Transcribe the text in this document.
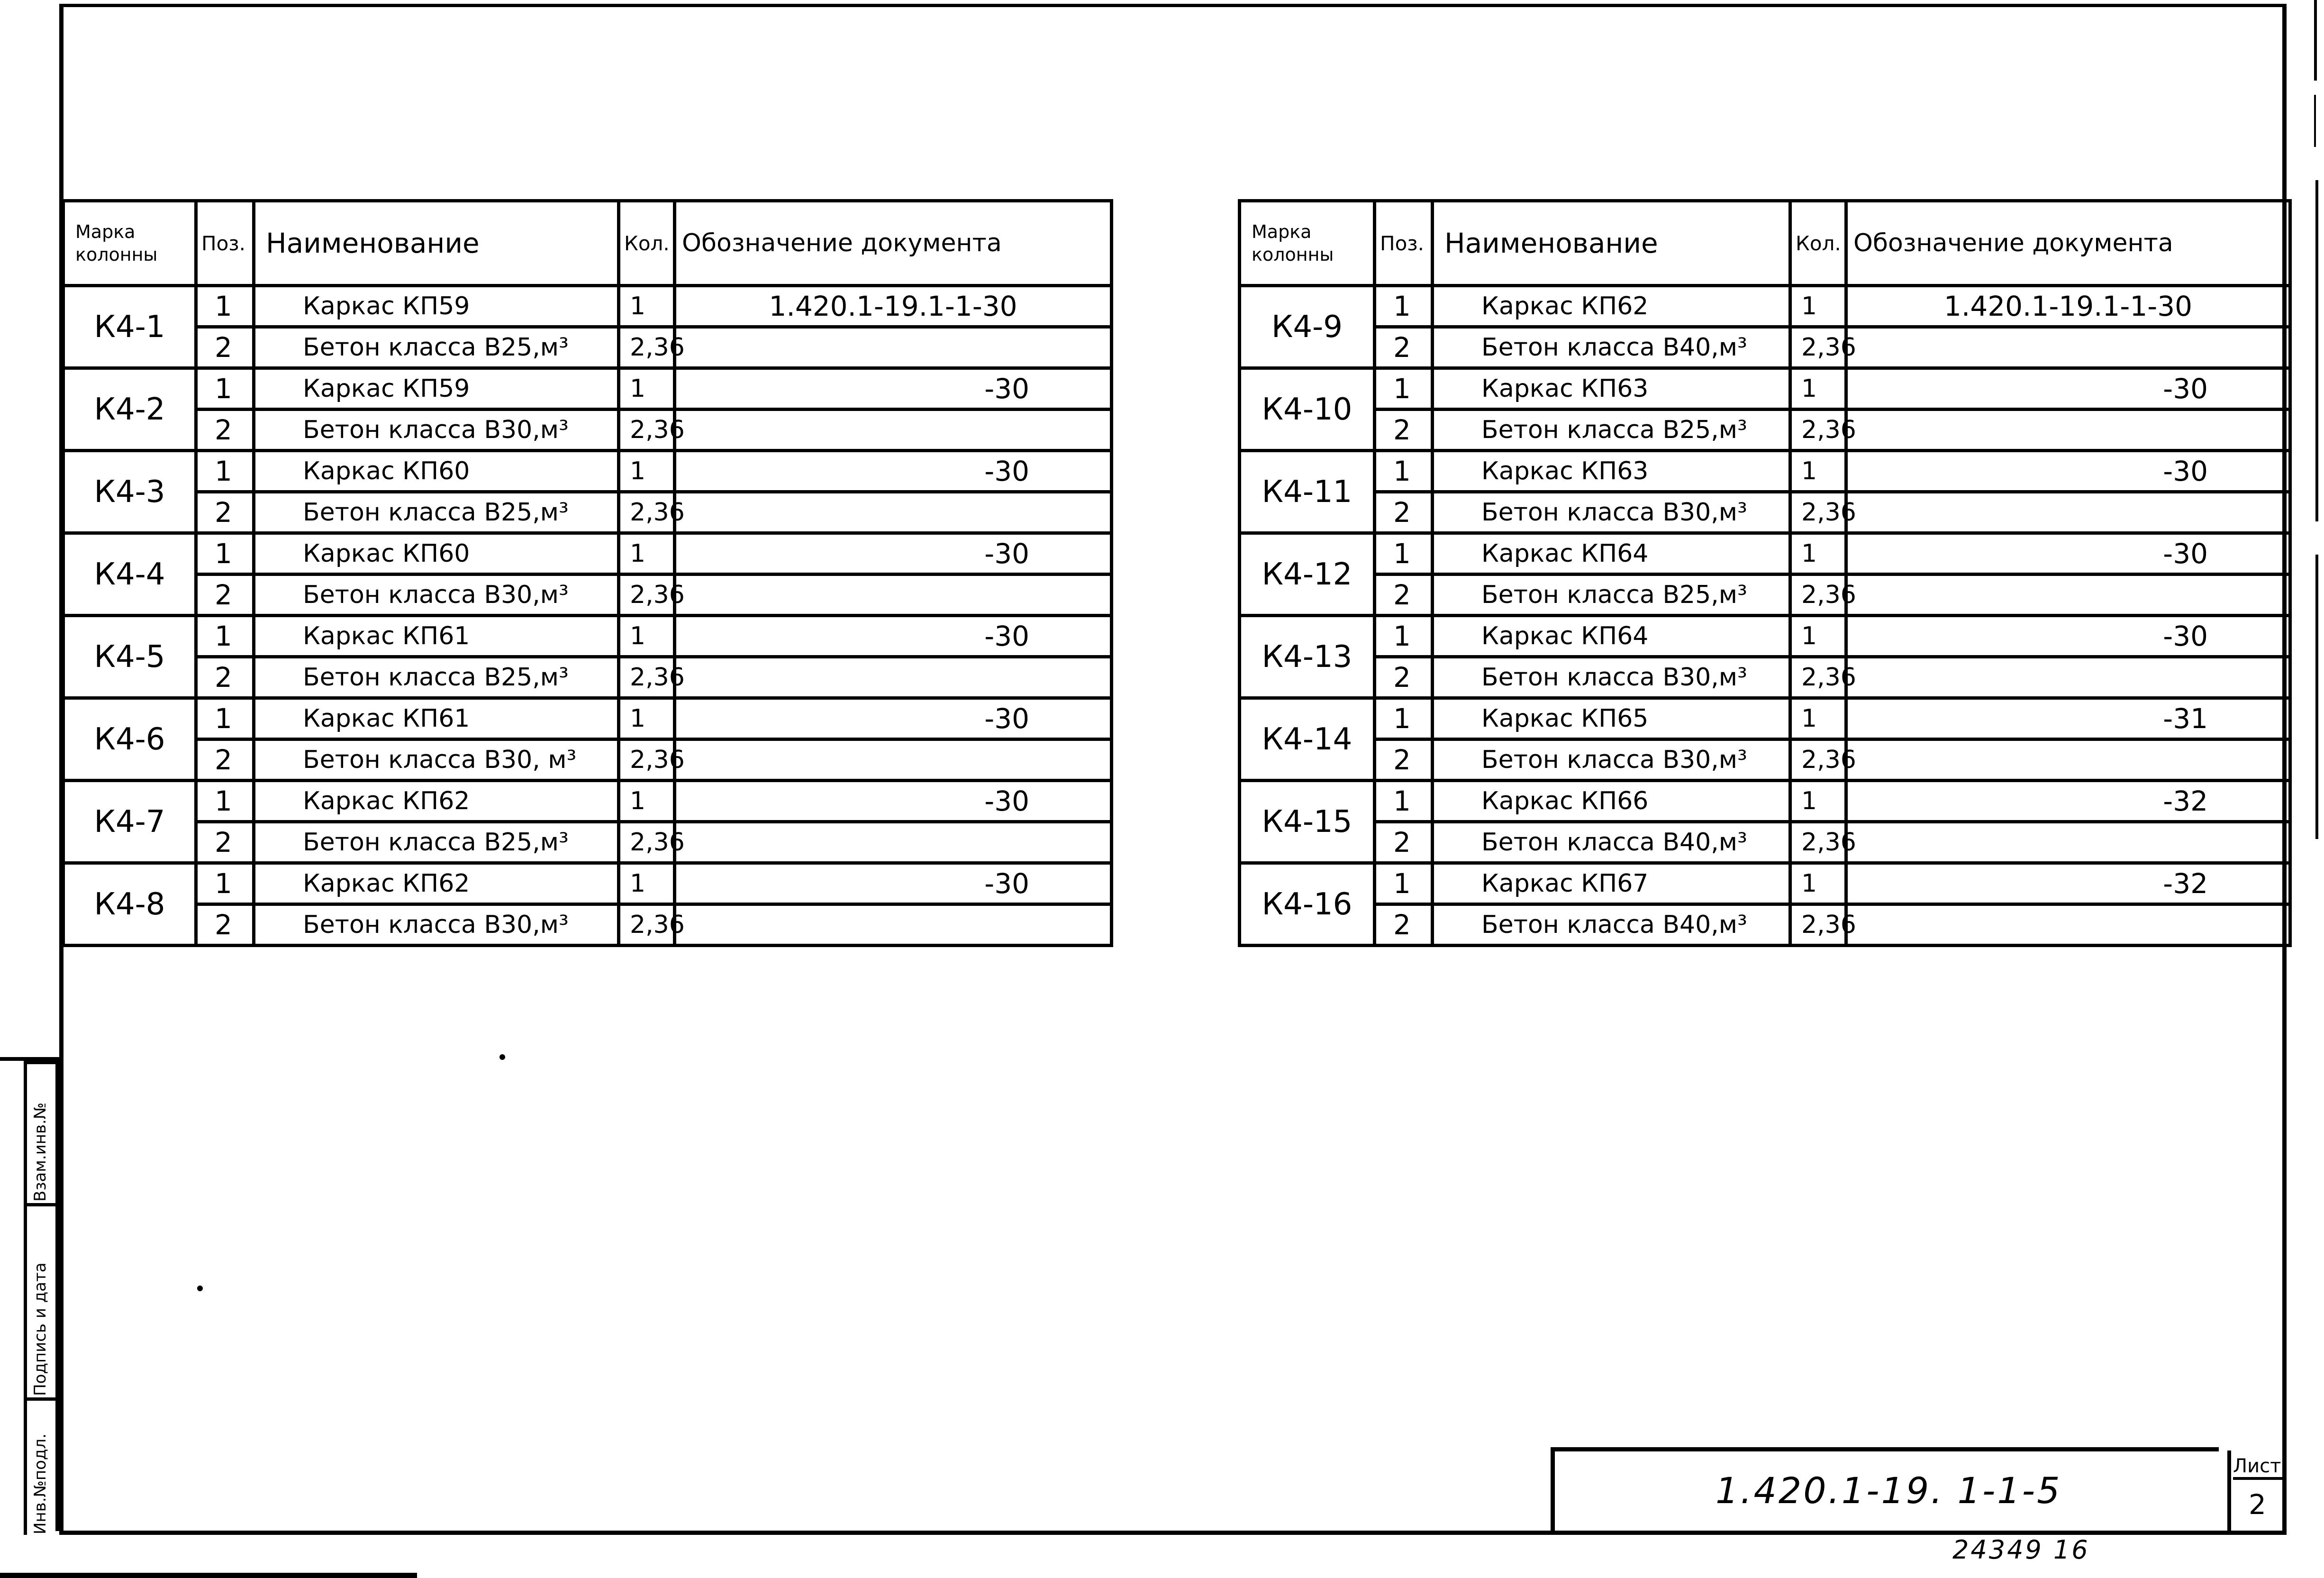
Марка колонны	Поз.	Наименование	Кол.	Обозначение документа
К4-1	1	Каркас КП59	1	1.420.1-19.1-1-30
	2	Бетон класса В25,м³	2,36	
К4-2	1	Каркас КП59	1	-30
	2	Бетон класса В30,м³	2,36	
К4-3	1	Каркас КП60	1	-30
	2	Бетон класса В25,м³	2,36	
К4-4	1	Каркас КП60	1	-30
	2	Бетон класса В30,м³	2,36	
К4-5	1	Каркас КП61	1	-30
	2	Бетон класса В25,м³	2,36	
К4-6	1	Каркас КП61	1	-30
	2	Бетон класса В30, м³	2,36	
К4-7	1	Каркас КП62	1	-30
	2	Бетон класса В25,м³	2,36	
К4-8	1	Каркас КП62	1	-30
	2	Бетон класса В30,м³	2,36	
Марка колонны	Поз.	Наименование	Кол.	Обозначение документа
К4-9	1	Каркас КП62	1	1.420.1-19.1-1-30
	2	Бетон класса В40,м³	2,36	
К4-10	1	Каркас КП63	1	-30
	2	Бетон класса В25,м³	2,36	
К4-11	1	Каркас КП63	1	-30
	2	Бетон класса В30,м³	2,36	
К4-12	1	Каркас КП64	1	-30
	2	Бетон класса В25,м³	2,36	
К4-13	1	Каркас КП64	1	-30
	2	Бетон класса В30,м³	2,36	
К4-14	1	Каркас КП65	1	-31
	2	Бетон класса В30,м³	2,36	
К4-15	1	Каркас КП66	1	-32
	2	Бетон класса В40,м³	2,36	
К4-16	1	Каркас КП67	1	-32
	2	Бетон класса В40,м³	2,36	
Взам.инв.№
Подпись и дата
Инв.№подл.	1.420.1-19. 1-1-5
Лист
2
24349 16
